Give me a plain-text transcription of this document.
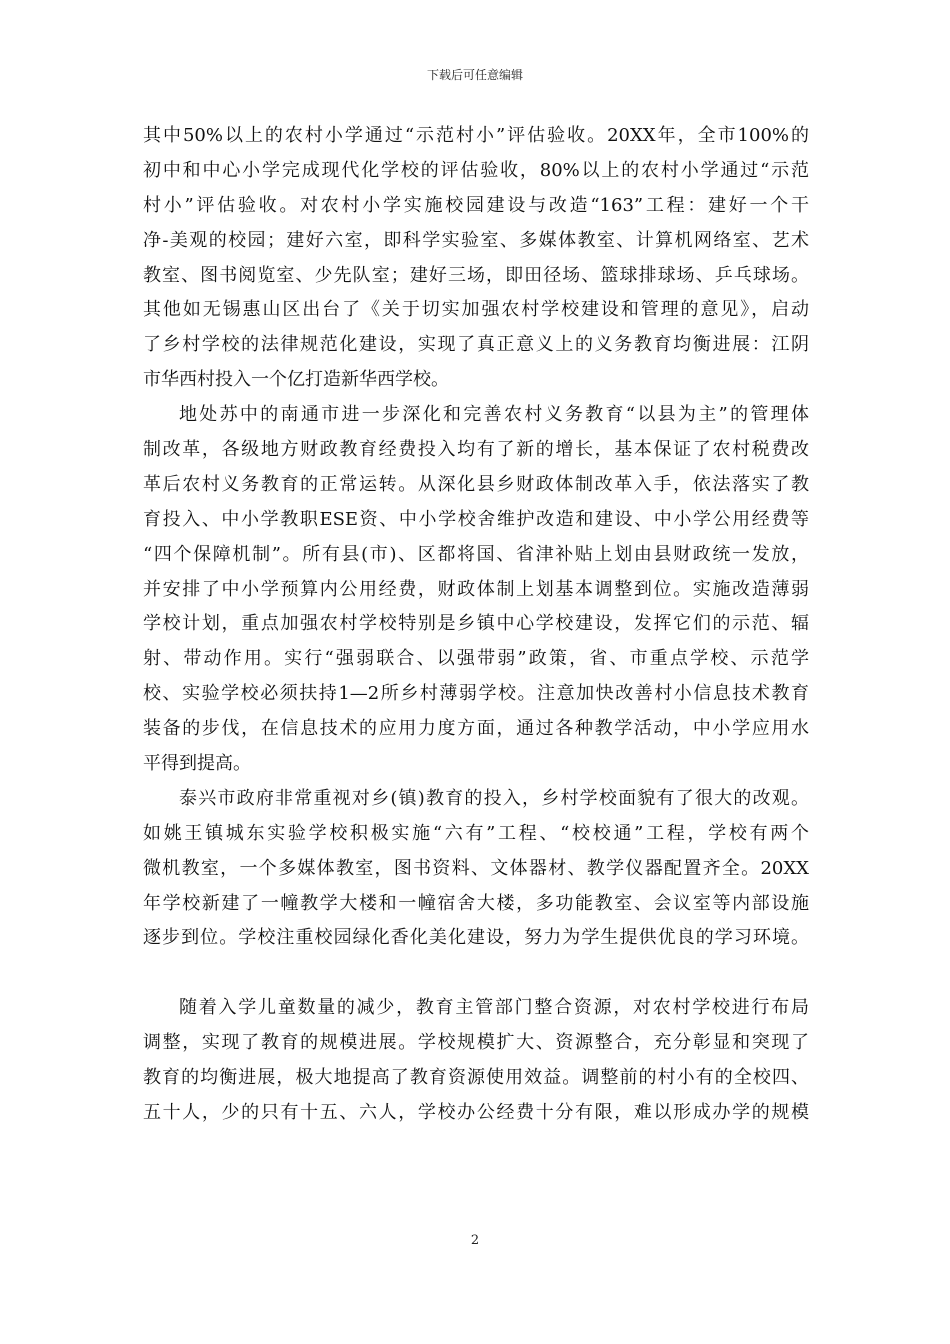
下载后可任意编辑
其中50%以上的农村小学通过“示范村小”评估验收。20XX年，全市100%的
初中和中心小学完成现代化学校的评估验收，80%以上的农村小学通过“示范
村小”评估验收。对农村小学实施校园建设与改造“163”工程：建好一个干
净-美观的校园；建好六室，即科学实验室、多媒体教室、计算机网络室、艺术
教室、图书阅览室、少先队室；建好三场，即田径场、篮球排球场、乒乓球场。
其他如无锡惠山区出台了《关于切实加强农村学校建设和管理的意见》，启动
了乡村学校的法律规范化建设，实现了真正意义上的义务教育均衡进展：江阴
市华西村投入一个亿打造新华西学校。
地处苏中的南通市进一步深化和完善农村义务教育“以县为主”的管理体
制改革，各级地方财政教育经费投入均有了新的增长，基本保证了农村税费改
革后农村义务教育的正常运转。从深化县乡财政体制改革入手，依法落实了教
育投入、中小学教职ESE资、中小学校舍维护改造和建设、中小学公用经费等
“四个保障机制”。所有县(市)、区都将国、省津补贴上划由县财政统一发放，
并安排了中小学预算内公用经费，财政体制上划基本调整到位。实施改造薄弱
学校计划，重点加强农村学校特别是乡镇中心学校建设，发挥它们的示范、辐
射、带动作用。实行“强弱联合、以强带弱”政策，省、市重点学校、示范学
校、实验学校必须扶持1—2所乡村薄弱学校。注意加快改善村小信息技术教育
装备的步伐，在信息技术的应用力度方面，通过各种教学活动，中小学应用水
平得到提高。
泰兴市政府非常重视对乡(镇)教育的投入，乡村学校面貌有了很大的改观。
如姚王镇城东实验学校积极实施“六有”工程、“校校通”工程，学校有两个
微机教室，一个多媒体教室，图书资料、文体器材、教学仪器配置齐全。20XX
年学校新建了一幢教学大楼和一幢宿舍大楼，多功能教室、会议室等内部设施
逐步到位。学校注重校园绿化香化美化建设，努力为学生提供优良的学习环境。
随着入学儿童数量的减少，教育主管部门整合资源，对农村学校进行布局
调整，实现了教育的规模进展。学校规模扩大、资源整合，充分彰显和突现了
教育的均衡进展，极大地提高了教育资源使用效益。调整前的村小有的全校四、
五十人，少的只有十五、六人，学校办公经费十分有限，难以形成办学的规模
2
